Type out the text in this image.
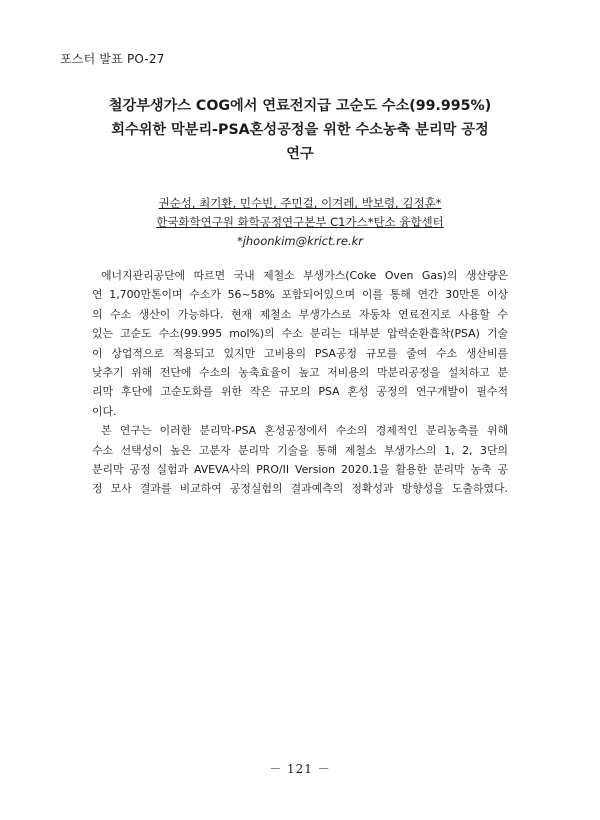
포스터 발표 PO-27
철강부생가스 COG에서 연료전지급 고순도 수소(99.995%)
회수위한 막분리-PSA혼성공정을 위한 수소농축 분리막 공정
연구
권순성, 최기환, 민수빈, 주민걸, 이겨레, 박보령, 김정훈*
한국화학연구원 화학공정연구본부 C1가스*탄소 융합센터
*jhoonkim@krict.re.kr

에너지관리공단에 따르면 국내 제철소 부생가스(Coke Oven Gas)의 생산량은
연 1,700만톤이며 수소가 56~58% 포함되어있으며 이를 통해 연간 30만톤 이상
의 수소 생산이 가능하다. 현재 제철소 부생가스로 자동차 연료전지로 사용할 수
있는 고순도 수소(99.995 mol%)의 수소 분리는 대부분 압력순환흡착(PSA) 기술
이 상업적으로 적용되고 있지만 고비용의 PSA공정 규모를 줄여 수소 생산비를
낮추기 위해 전단에 수소의 농축효율이 높고 저비용의 막분리공정을 설치하고 분
리막 후단에 고순도화를 위한 작은 규모의 PSA 혼성 공정의 연구개발이 필수적
이다.

본 연구는 이러한 분리막-PSA 혼성공정에서 수소의 경제적인 분리농축를 위해
수소 선택성이 높은 고분자 분리막 기술을 통해 제철소 부생가스의 1, 2, 3단의
분리막 공정 실험과 AVEVA사의 PRO/II Version 2020.1을 활용한 분리막 농축 공
정 모사 결과를 비교하여 공정실험의 결과예측의 정확성과 방향성을 도출하였다.

－ 121 －
